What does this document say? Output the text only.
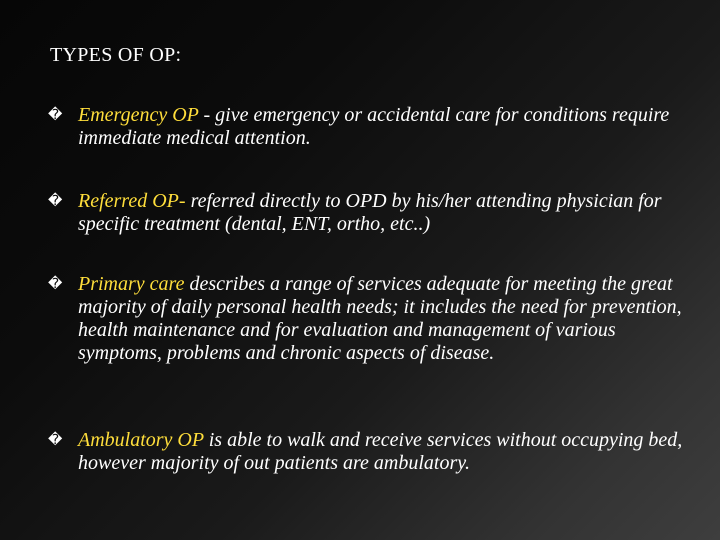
TYPES OF OP:
� Emergency OP - give emergency or accidental care for conditions require immediate medical attention.
� Referred OP- referred directly to OPD by his/her attending physician for specific treatment (dental, ENT, ortho, etc..)
� Primary care describes a range of services adequate for meeting the great majority of daily personal health needs; it includes the need for prevention, health maintenance and for evaluation and management of various symptoms, problems and chronic aspects of disease.
� Ambulatory OP is able to walk and receive services without occupying bed, however majority of out patients are ambulatory.
